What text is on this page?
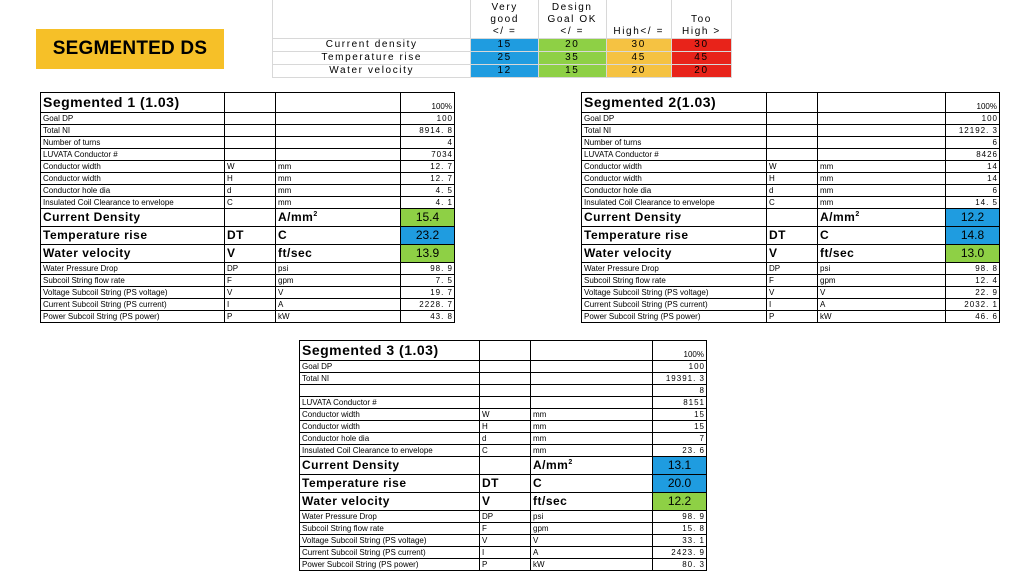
SEGMENTED DS

	Very good </ =	Design Goal OK </ =	High</ =	Too High >

Current density	15	20	30	30
Temperature rise	25	35	45	45
Water velocity	12	15	20	20
Segmented 1 (1.03)			100%
Goal DP			100
Total NI			8914. 8
Number of turns			4
LUVATA Conductor #			7034
Conductor width	W	mm	12. 7
Conductor width	H	mm	12. 7
Conductor hole dia	d	mm	4. 5
Insulated Coil Clearance to envelope	C	mm	4. 1
Current Density		$A/mm^2$	15.4
Temperature rise	DT	C	23.2
Water velocity	V	ft/sec	13.9
Water Pressure Drop	DP	psi	98. 9
Subcoil String flow rate	F	gpm	7. 5
Voltage Subcoil String (PS voltage)	V	V	19. 7
Current Subcoil String (PS current)	I	A	2228. 7
Power Subcoil String (PS power)	P	kW	43. 8
Segmented 2(1.03)			100%
Goal DP			100
Total NI			12192. 3
Number of turns			6
LUVATA Conductor #			8426
Conductor width	W	mm	14
Conductor width	H	mm	14
Conductor hole dia	d	mm	6
Insulated Coil Clearance to envelope	C	mm	14. 5
Current Density		$A/mm^2$	12.2
Temperature rise	DT	C	14.8
Water velocity	V	ft/sec	13.0
Water Pressure Drop	DP	psi	98. 8
Subcoil String flow rate	F	gpm	12. 4
Voltage Subcoil String (PS voltage)	V	V	22. 9
Current Subcoil String (PS current)	I	A	2032. 1
Power Subcoil String (PS power)	P	kW	46. 6
Segmented 3 (1.03)			100%
Goal DP			100
Total NI			19391. 3
			8
LUVATA Conductor #			8151
Conductor width	W	mm	15
Conductor width	H	mm	15
Conductor hole dia	d	mm	7
Insulated Coil Clearance to envelope	C	mm	23. 6
Current Density		$A/mm^2$	13.1
Temperature rise	DT	C	20.0
Water velocity	V	ft/sec	12.2
Water Pressure Drop	DP	psi	98. 9
Subcoil String flow rate	F	gpm	15. 8
Voltage Subcoil String (PS voltage)	V	V	33. 1
Current Subcoil String (PS current)	I	A	2423. 9
Power Subcoil String (PS power)	P	kW	80. 3
